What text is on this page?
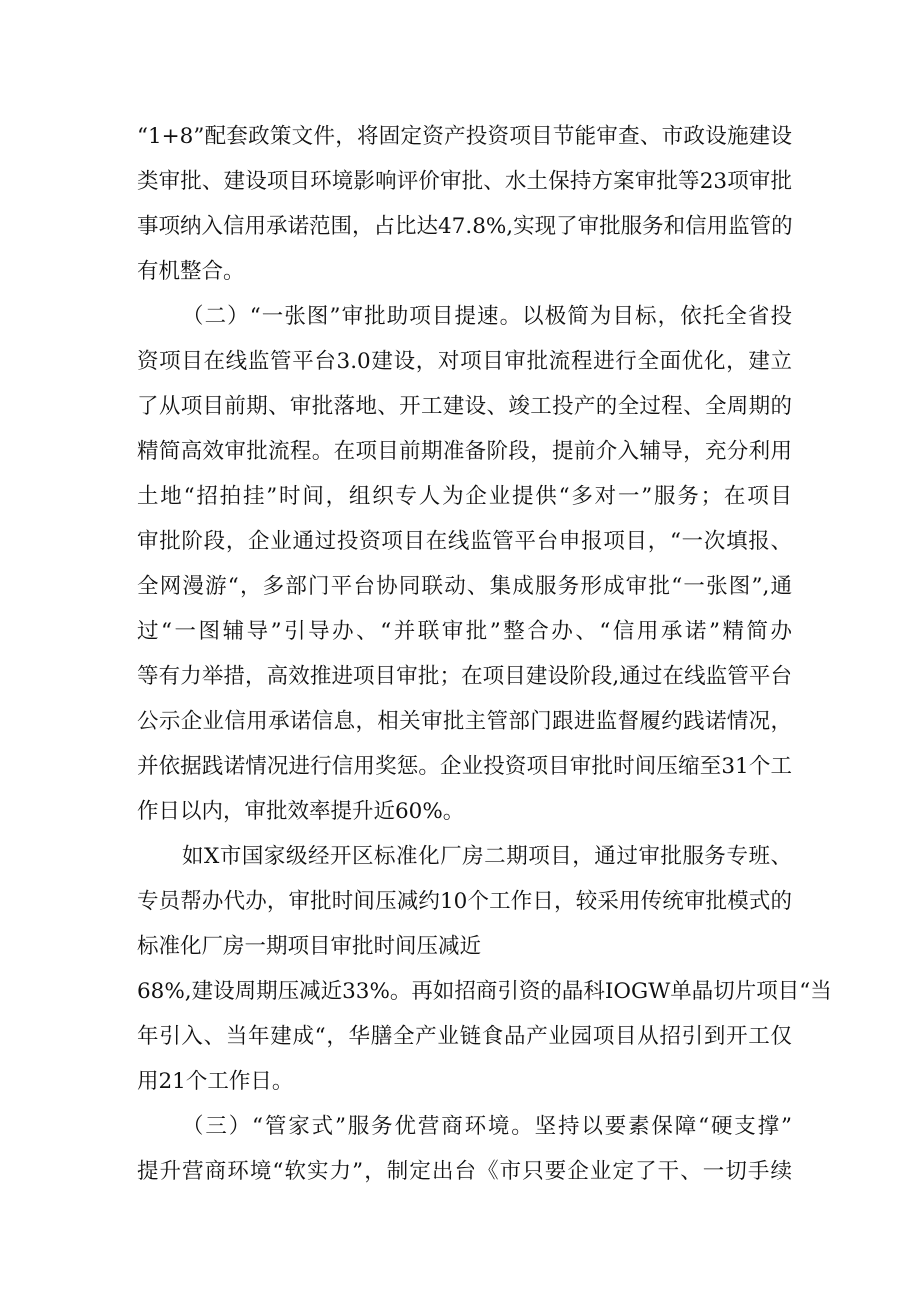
“1+8”配套政策文件，将固定资产投资项目节能审查、市政设施建设
类审批、建设项目环境影响评价审批、水土保持方案审批等23项审批
事项纳入信用承诺范围，占比达47.8%,实现了审批服务和信用监管的
有机整合。
（二）“一张图”审批助项目提速。以极简为目标，依托全省投
资项目在线监管平台3.0建设，对项目审批流程进行全面优化，建立
了从项目前期、审批落地、开工建设、竣工投产的全过程、全周期的
精简高效审批流程。在项目前期准备阶段，提前介入辅导，充分利用
土地“招拍挂”时间，组织专人为企业提供“多对一”服务；在项目
审批阶段，企业通过投资项目在线监管平台申报项目，“一次填报、
全网漫游“，多部门平台协同联动、集成服务形成审批“一张图”,通
过“一图辅导”引导办、“并联审批”整合办、“信用承诺”精简办
等有力举措，高效推进项目审批；在项目建设阶段,通过在线监管平台
公示企业信用承诺信息，相关审批主管部门跟进监督履约践诺情况，
并依据践诺情况进行信用奖惩。企业投资项目审批时间压缩至31个工
作日以内，审批效率提升近60%。
如X市国家级经开区标准化厂房二期项目，通过审批服务专班、
专员帮办代办，审批时间压减约10个工作日，较采用传统审批模式的
标准化厂房一期项目审批时间压减近
68%,建设周期压减近33%。再如招商引资的晶科IOGW单晶切片项目“当
年引入、当年建成“，华膳全产业链食品产业园项目从招引到开工仅
用21个工作日。
（三）“管家式”服务优营商环境。坚持以要素保障“硬支撑”
提升营商环境“软实力”，制定出台《市只要企业定了干、一切手续
